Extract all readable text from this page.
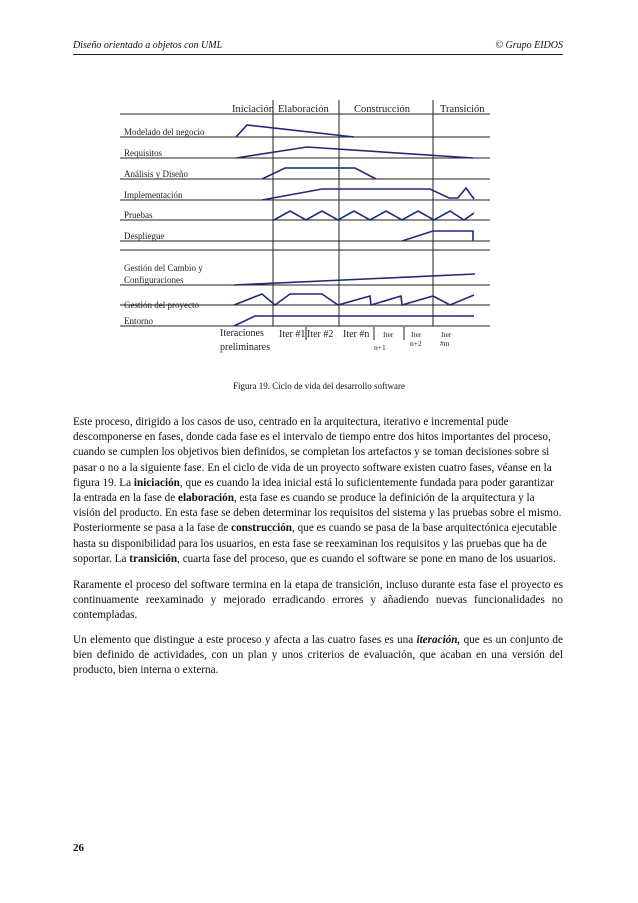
Diseño orientado a objetos con UML	© Grupo EIDOS
Iniciación Elaboración Construcción	Transición
Modelado del negocio
Requisitos
Análisis y Diseño
Implementación
Pruebas
Despliegue
Gestión del Cambio y
Configuraciones
Gestión del proyecto
Entorno
Iteraciones
preliminares
Iter #1 Iter #2 Iter #n Iter
n+1
Iter
n+2
Iter
#m
Figura 19. Ciclo de vida del desarrollo software

Este proceso, dirigido a los casos de uso, centrado en la arquitectura, iterativo e incremental pude descomponerse en fases, donde cada fase es el intervalo de tiempo entre dos hitos importantes del proceso, cuando se cumplen los objetivos bien definidos, se completan los artefactos y se toman decisiones sobre si pasar o no a la siguiente fase. En el ciclo de vida de un proyecto software existen cuatro fases, véanse en la figura 19. La iniciación, que es cuando la idea inicial está lo suficientemente fundada para poder garantizar la entrada en la fase de elaboración, esta fase es cuando se produce la definición de la arquitectura y la visión del producto. En esta fase se deben determinar los requisitos del sistema y las pruebas sobre el mismo. Posteriormente se pasa a la fase de construcción, que es cuando se pasa de la base arquitectónica ejecutable hasta su disponibilidad para los usuarios, en esta fase se reexaminan los requisitos y las pruebas que ha de soportar. La transición, cuarta fase del proceso, que es cuando el software se pone en mano de los usuarios.

Raramente el proceso del software termina en la etapa de transición, incluso durante esta fase el proyecto es continuamente reexaminado y mejorado erradicando errores y añadiendo nuevas funcionalidades no contempladas.

Un elemento que distingue a este proceso y afecta a las cuatro fases es una iteración, que es un conjunto de bien definido de actividades, con un plan y unos criterios de evaluación, que acaban en una versión del producto, bien interna o externa.

26
